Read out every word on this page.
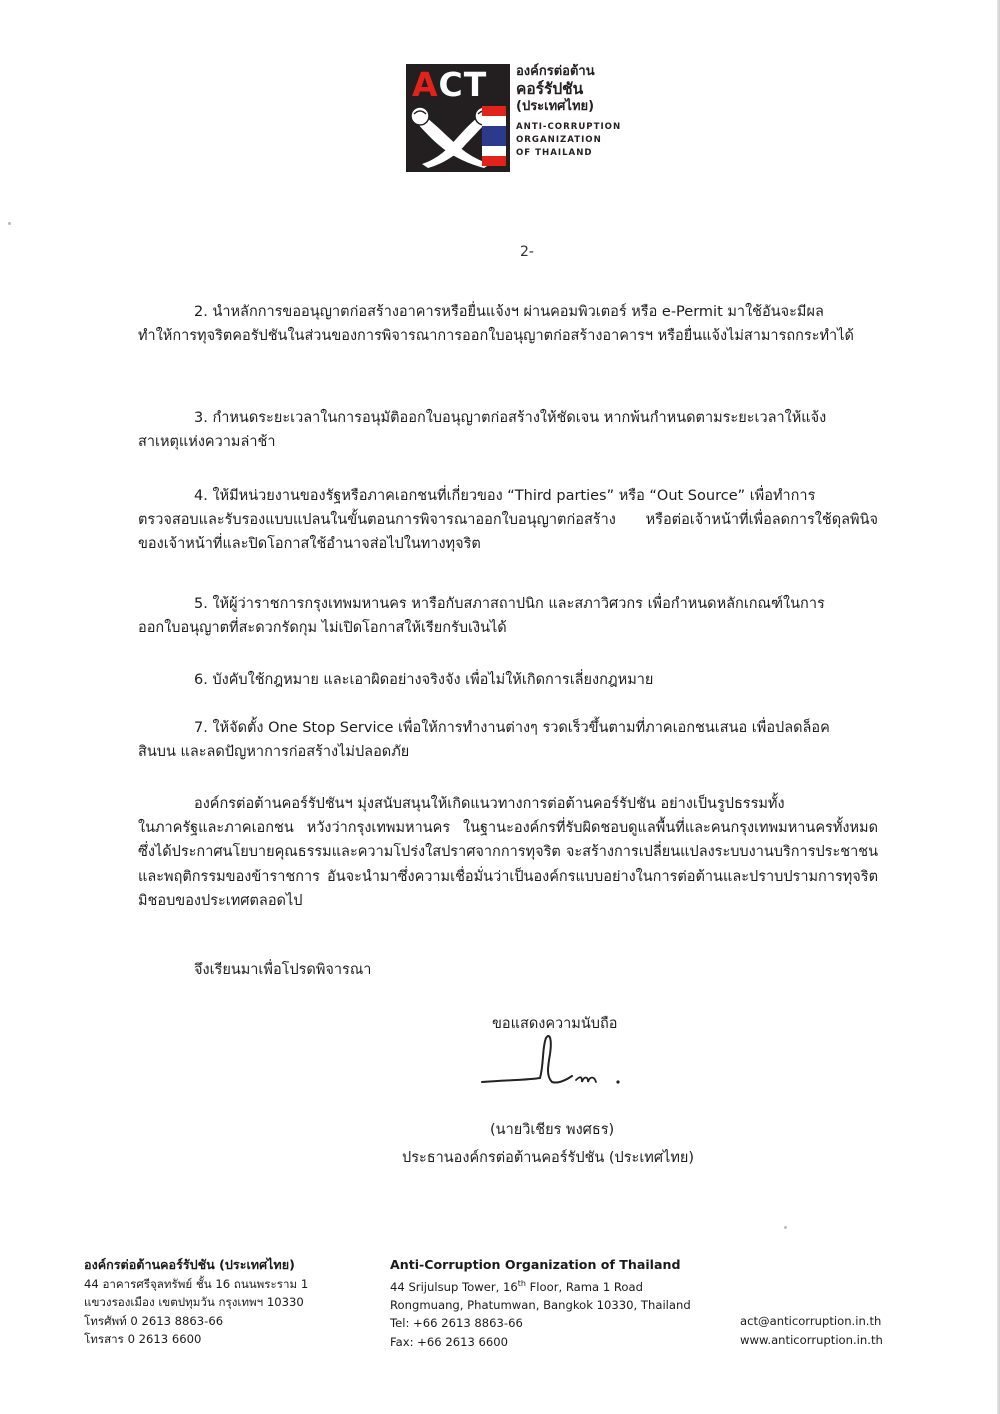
ACT องค์กรต่อต้าน
คอร์รัปชัน
(ประเทศไทย)
ANTI-CORRUPTION
ORGANIZATION
OF THAILAND
2-
2. นำหลักการขออนุญาตก่อสร้างอาคารหรือยื่นแจ้งฯ ผ่านคอมพิวเตอร์ หรือ e-Permit มาใช้อันจะมีผล
ทำให้การทุจริตคอรัปชันในส่วนของการพิจารณาการออกใบอนุญาตก่อสร้างอาคารฯ หรือยื่นแจ้งไม่สามารถกระทำได้
3. กำหนดระยะเวลาในการอนุมัติออกใบอนุญาตก่อสร้างให้ชัดเจน หากพ้นกำหนดตามระยะเวลาให้แจ้ง
สาเหตุแห่งความล่าช้า
4. ให้มีหน่วยงานของรัฐหรือภาคเอกชนที่เกี่ยวของ “Third parties” หรือ “Out Source” เพื่อทำการ
ตรวจสอบและรับรองแบบแปลนในขั้นตอนการพิจารณาออกใบอนุญาตก่อสร้าง หรือต่อเจ้าหน้าที่เพื่อลดการใช้ดุลพินิจของเจ้าหน้าที่และปิดโอกาสใช้อำนาจส่อไปในทางทุจริต
5. ให้ผู้ว่าราชการกรุงเทพมหานคร หารือกับสภาสถาปนิก และสภาวิศวกร เพื่อกำหนดหลักเกณฑ์ในการ
ออกใบอนุญาตที่สะดวกรัดกุม ไม่เปิดโอกาสให้เรียกรับเงินได้
6. บังคับใช้กฎหมาย และเอาผิดอย่างจริงจัง เพื่อไม่ให้เกิดการเลี่ยงกฎหมาย
7. ให้จัดตั้ง One Stop Service เพื่อให้การทำงานต่างๆ รวดเร็วขึ้นตามที่ภาคเอกชนเสนอ เพื่อปลดล็อค
สินบน และลดปัญหาการก่อสร้างไม่ปลอดภัย
องค์กรต่อต้านคอร์รัปชันฯ มุ่งสนับสนุนให้เกิดแนวทางการต่อต้านคอร์รัปชัน อย่างเป็นรูปธรรมทั้ง
ในภาครัฐและภาคเอกชน หวังว่ากรุงเทพมหานคร ในฐานะองค์กรที่รับผิดชอบดูแลพื้นที่และคนกรุงเทพมหานครทั้งหมด ซึ่งได้ประกาศนโยบายคุณธรรมและความโปร่งใสปราศจากการทุจริต จะสร้างการเปลี่ยนแปลงระบบงานบริการประชาชนและพฤติกรรมของข้าราชการ อันจะนำมาซึ่งความเชื่อมั่นว่าเป็นองค์กรแบบอย่างในการต่อต้านและปราบปรามการทุจริตมิชอบของประเทศตลอดไป
จึงเรียนมาเพื่อโปรดพิจารณา
ขอแสดงความนับถือ
(นายวิเชียร พงศธร)
ประธานองค์กรต่อต้านคอร์รัปชัน (ประเทศไทย)
องค์กรต่อต้านคอร์รัปชัน (ประเทศไทย)
44 อาคารศรีจุลทรัพย์ ชั้น 16 ถนนพระราม 1
แขวงรองเมือง เขตปทุมวัน กรุงเทพฯ 10330
โทรศัพท์ 0 2613 8863-66
โทรสาร 0 2613 6600
Anti-Corruption Organization of Thailand
44 Srijulsup Tower, 16th Floor, Rama 1 Road
Rongmuang, Phatumwan, Bangkok 10330, Thailand
Tel: +66 2613 8863-66
Fax: +66 2613 6600
act@anticorruption.in.th
www.anticorruption.in.th
